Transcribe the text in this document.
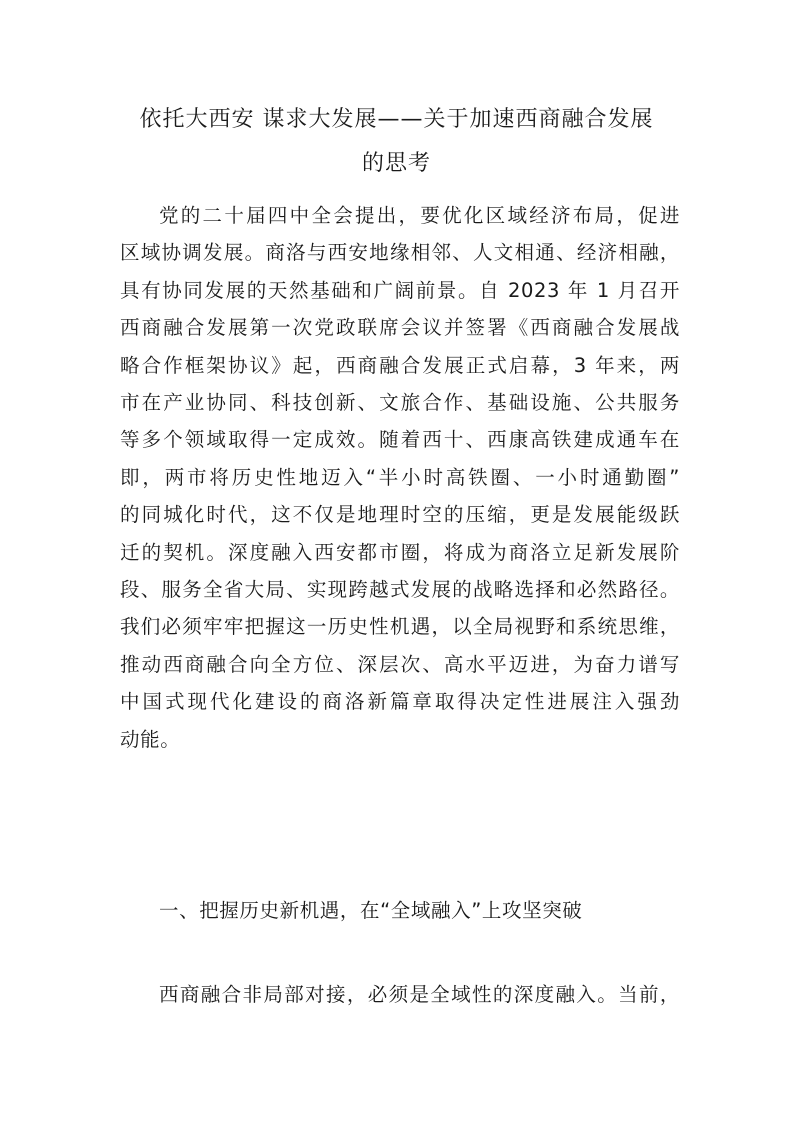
依托大西安 谋求大发展——关于加速西商融合发展
的思考
党的二十届四中全会提出，要优化区域经济布局，促进
区域协调发展。商洛与西安地缘相邻、人文相通、经济相融，
具有协同发展的天然基础和广阔前景。自 2023 年 1 月召开
西商融合发展第一次党政联席会议并签署《西商融合发展战
略合作框架协议》起，西商融合发展正式启幕，3 年来，两
市在产业协同、科技创新、文旅合作、基础设施、公共服务
等多个领域取得一定成效。随着西十、西康高铁建成通车在
即，两市将历史性地迈入“半小时高铁圈、一小时通勤圈”
的同城化时代，这不仅是地理时空的压缩，更是发展能级跃
迁的契机。深度融入西安都市圈，将成为商洛立足新发展阶
段、服务全省大局、实现跨越式发展的战略选择和必然路径。
我们必须牢牢把握这一历史性机遇，以全局视野和系统思维，
推动西商融合向全方位、深层次、高水平迈进，为奋力谱写
中国式现代化建设的商洛新篇章取得决定性进展注入强劲
动能。
一、把握历史新机遇，在“全域融入”上攻坚突破
西商融合非局部对接，必须是全域性的深度融入。当前，
